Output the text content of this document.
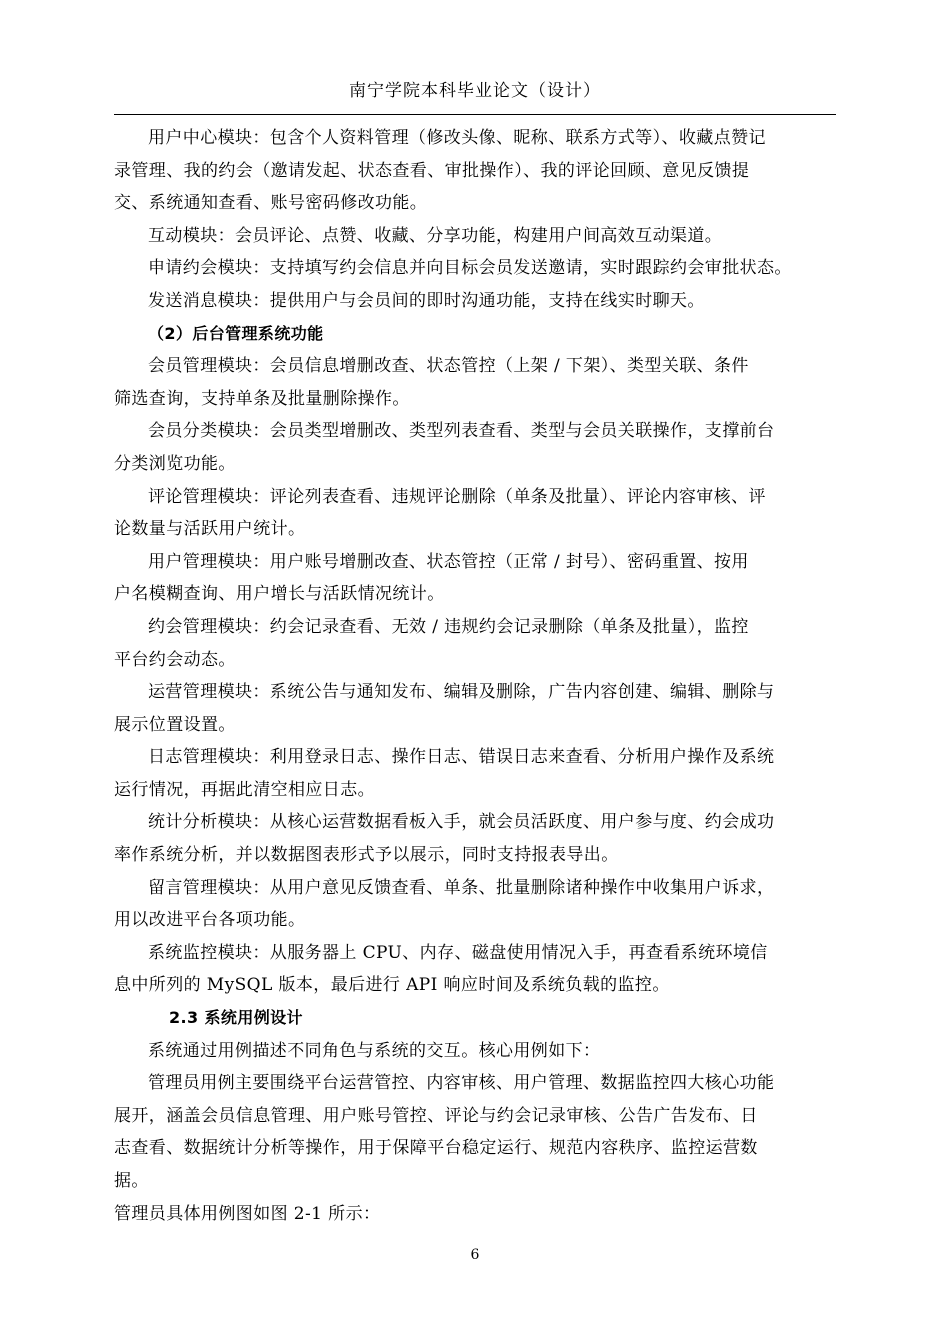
南宁学院本科毕业论文（设计）
用户中心模块：包含个人资料管理（修改头像、昵称、联系方式等）、收藏点赞记
录管理、我的约会（邀请发起、状态查看、审批操作）、我的评论回顾、意见反馈提
交、系统通知查看、账号密码修改功能。
互动模块：会员评论、点赞、收藏、分享功能，构建用户间高效互动渠道。
申请约会模块：支持填写约会信息并向目标会员发送邀请，实时跟踪约会审批状态。
发送消息模块：提供用户与会员间的即时沟通功能，支持在线实时聊天。
（2）后台管理系统功能
会员管理模块：会员信息增删改查、状态管控（上架 / 下架）、类型关联、条件
筛选查询，支持单条及批量删除操作。
会员分类模块：会员类型增删改、类型列表查看、类型与会员关联操作，支撑前台
分类浏览功能。
评论管理模块：评论列表查看、违规评论删除（单条及批量）、评论内容审核、评
论数量与活跃用户统计。
用户管理模块：用户账号增删改查、状态管控（正常 / 封号）、密码重置、按用
户名模糊查询、用户增长与活跃情况统计。
约会管理模块：约会记录查看、无效 / 违规约会记录删除（单条及批量），监控
平台约会动态。
运营管理模块：系统公告与通知发布、编辑及删除，广告内容创建、编辑、删除与
展示位置设置。
日志管理模块：利用登录日志、操作日志、错误日志来查看、分析用户操作及系统
运行情况，再据此清空相应日志。
统计分析模块：从核心运营数据看板入手，就会员活跃度、用户参与度、约会成功
率作系统分析，并以数据图表形式予以展示，同时支持报表导出。
留言管理模块：从用户意见反馈查看、单条、批量删除诸种操作中收集用户诉求，
用以改进平台各项功能。
系统监控模块：从服务器上 CPU、内存、磁盘使用情况入手，再查看系统环境信
息中所列的 MySQL 版本，最后进行 API 响应时间及系统负载的监控。
2.3 系统用例设计
系统通过用例描述不同角色与系统的交互。核心用例如下：
管理员用例主要围绕平台运营管控、内容审核、用户管理、数据监控四大核心功能
展开，涵盖会员信息管理、用户账号管控、评论与约会记录审核、公告广告发布、日
志查看、数据统计分析等操作，用于保障平台稳定运行、规范内容秩序、监控运营数
据。
管理员具体用例图如图 2-1 所示：
6
